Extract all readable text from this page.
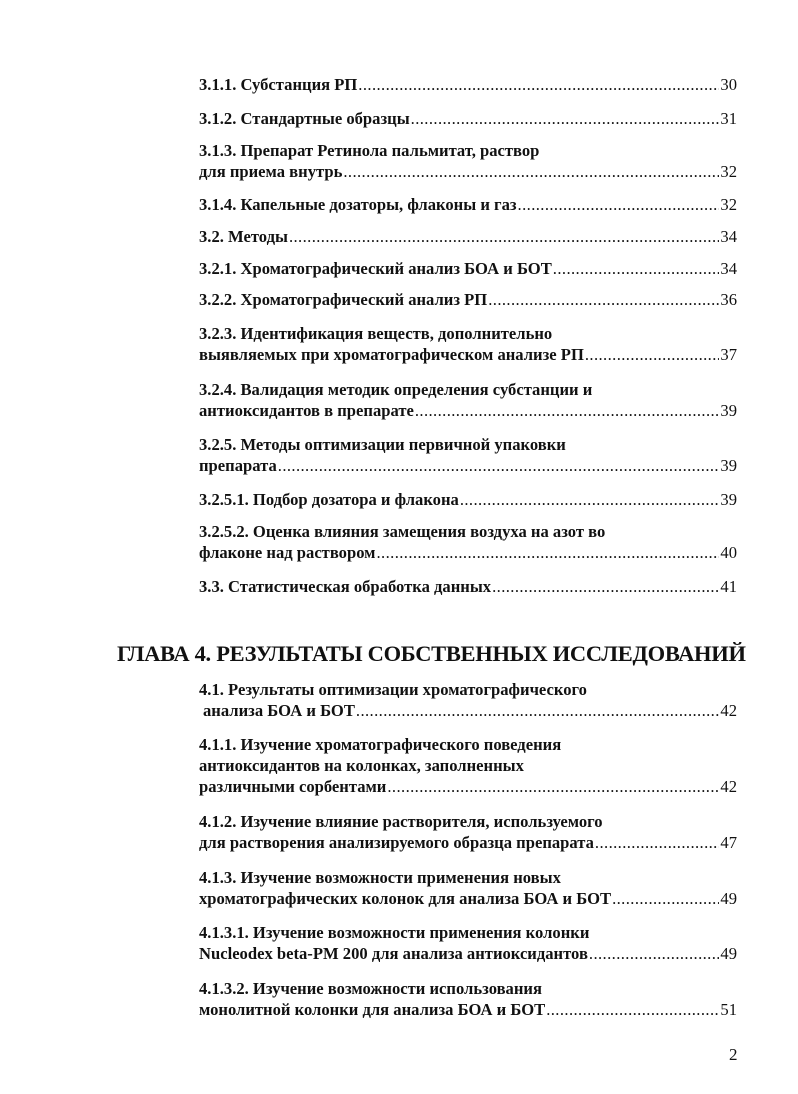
3.1.1. Субстанция РП .....	30
3.1.2. Стандартные образцы .....	31
3.1.3. Препарат Ретинола пальмитат, раствор
для приема внутрь .....	32
3.1.4. Капельные дозаторы, флаконы и газ .....	32
3.2. Методы .....	34
3.2.1. Хроматографический анализ БОА и БОТ .....	34
3.2.2. Хроматографический анализ РП .....	36
3.2.3. Идентификация веществ, дополнительно
выявляемых при хроматографическом анализе РП .....	37
3.2.4. Валидация методик определения субстанции и
антиоксидантов в препарате .....	39
3.2.5. Методы оптимизации первичной упаковки
препарата .....	39
3.2.5.1. Подбор дозатора и флакона .....	39
3.2.5.2. Оценка влияния замещения воздуха на азот во
флаконе над раствором .....	40
3.3. Статистическая обработка данных .....	41
ГЛАВА 4. РЕЗУЛЬТАТЫ СОБСТВЕННЫХ ИССЛЕДОВАНИЙ
4.1. Результаты оптимизации хроматографического
анализа БОА и БОТ .....	42
4.1.1. Изучение хроматографического поведения
антиоксидантов на колонках, заполненных
различными сорбентами .....	42
4.1.2. Изучение влияние растворителя, используемого
для растворения анализируемого образца препарата .....	47
4.1.3. Изучение возможности применения новых
хроматографических колонок для анализа БОА и БОТ .....	49
4.1.3.1. Изучение возможности применения колонки
Nucleodex beta-PM 200 для анализа антиоксидантов .....	49
4.1.3.2. Изучение возможности использования
монолитной колонки для анализа БОА и БОТ .....	51
2
